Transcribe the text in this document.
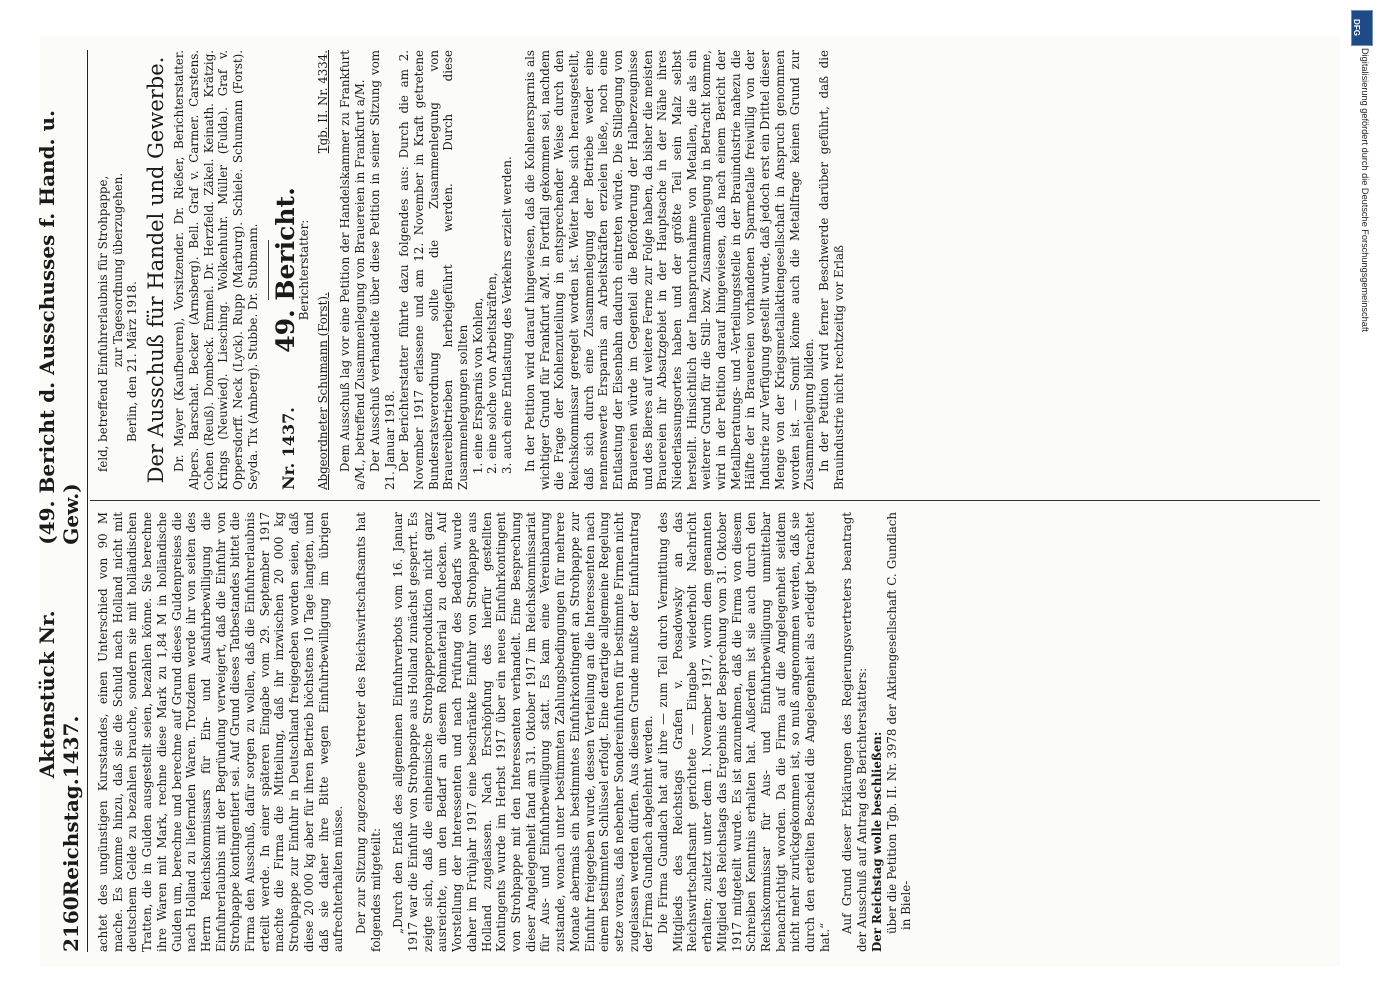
2160
Reichstag.
Aktenstück Nr. 1437.
(49. Bericht d. Ausschusses f. Hand. u. Gew.) achtet des ungünstigen Kursstandes, einen Unterschied von 90 M mache. Es komme hinzu, daß sie die Schuld nach Holland nicht mit deutschem Gelde zu bezahlen brauche, sondern sie mit holländischen Tratten, die in Gulden ausgestellt seien, bezahlen könne. Sie berechne ihre Waren mit Mark, rechne diese Mark zu 1,84 M in holländische Gulden um, berechne und berechne auf Grund dieses Guldenpreises die nach Holland zu liefernden Waren. Trotzdem werde ihr von seiten des Herrn Reichskommissars für Ein- und Ausfuhrbewilligung die Einfuhrerlaubnis mit der Begründung verweigert, daß die Einfuhr von Strohpappe kontingentiert sei. Auf Grund dieses Tatbestandes bittet die Firma den Ausschuß, dafür sorgen zu wollen, daß die Einfuhrerlaubnis erteilt werde. In einer späteren Eingabe vom 29. September 1917 machte die Firma die Mitteilung, daß ihr inzwischen 20 000 kg Strohpappe zur Einfuhr in Deutschland freigegeben worden seien, daß diese 20 000 kg aber für ihren Betrieb höchstens 10 Tage langten, und daß sie daher ihre Bitte wegen Einfuhrbewilligung im übrigen aufrechterhalten müsse. Der zur Sitzung zugezogene Vertreter des Reichswirtschaftsamts hat folgendes mitgeteilt: „Durch den Erlaß des allgemeinen Einfuhrverbots vom 16. Januar 1917 war die Einfuhr von Strohpappe aus Holland zunächst gesperrt. Es zeigte sich, daß die einheimische Strohpappeproduktion nicht ganz ausreichte, um den Bedarf an diesem Rohmaterial zu decken. Auf Vorstellung der Interessenten und nach Prüfung des Bedarfs wurde daher im Frühjahr 1917 eine beschränkte Einfuhr von Strohpappe aus Holland zugelassen. Nach Erschöpfung des hierfür gestellten Kontingents wurde im Herbst 1917 über ein neues Einfuhrkontingent von Strohpappe mit den Interessenten verhandelt. Eine Besprechung dieser Angelegenheit fand am 31. Oktober 1917 im Reichskommissariat für Aus- und Einfuhrbewilligung statt. Es kam eine Vereinbarung zustande, wonach unter bestimmten Zahlungsbedingungen für mehrere Monate abermals ein bestimmtes Einfuhrkontingent an Strohpappe zur Einfuhr freigegeben wurde, dessen Verteilung an die Interessenten nach einem bestimmten Schlüssel erfolgt. Eine derartige allgemeine Regelung setze voraus, daß nebenher Sondereinfuhren für bestimmte Firmen nicht zugelassen werden dürfen. Aus diesem Grunde mußte der Einfuhrantrag der Firma Gundlach abgelehnt werden. Die Firma Gundlach hat auf ihre — zum Teil durch Vermittlung des Mitglieds des Reichstags Grafen v. Posadowsky an das Reichswirtschaftsamt gerichtete — Eingabe wiederholt Nachricht erhalten; zuletzt unter dem 1. November 1917, worin dem genannten Mitglied des Reichstags das Ergebnis der Besprechung vom 31. Oktober 1917 mitgeteilt wurde. Es ist anzunehmen, daß die Firma von diesem Schreiben Kenntnis erhalten hat. Außerdem ist sie auch durch den Reichskommissar für Aus- und Einfuhrbewilligung unmittelbar benachrichtigt worden. Da die Firma auf die Angelegenheit seitdem nicht mehr zurückgekommen ist, so muß angenommen werden, daß sie durch den erteilten Bescheid die Angelegenheit als erledigt betrachtet hat.“

Auf Grund dieser Erklärungen des Regierungsvertreters beantragt der Ausschuß auf Antrag des Berichterstatters: Der Reichstag wolle beschließen: über die Petition Tgb. II. Nr. 3978 der Aktiengesellschaft C. Gundlach in Biele-

feld, betreffend Einfuhrerlaubnis für Strohpappe, zur Tagesordnung überzugehen. Berlin, den 21. März 1918. Der Ausschuß für Handel und Gewerbe. Dr. Mayer (Kaufbeuren), Vorsitzender. Dr. Rießer, Berichterstatter. Alpers. Barschat. Becker (Arnsberg). Bell. Graf v. Carmer. Carstens. Cohen (Reuß). Dombeck. Emmel. Dr. Herzfeld. Zäkel. Keinath. Krätzig. Krings (Neuwied). Liesching. Wolkenhuhr. Müller (Fulda). Graf v. Oppersdorff. Neck (Lyck). Rupp (Marburg). Schiele. Schumann (Forst). Seyda. Tix (Amberg). Stubbe. Dr. Stubmann. Nr. 1437.
49. Bericht.

Berichterstatter:

Abgeordneter Schumann (Forst).
Tgb. II. Nr. 4334. Dem Ausschuß lag vor eine Petition der Handelskammer zu Frankfurt a/M., betreffend Zusammenlegung von Brauereien in Frankfurt a/M. Der Ausschuß verhandelte über diese Petition in seiner Sitzung vom 21. Januar 1918. Der Berichterstatter führte dazu folgendes aus: Durch die am 2. November 1917 erlassene und am 12. November in Kraft getretene Bundesratsverordnung sollte die Zusammenlegung von Brauereibetrieben herbeigeführt werden. Durch diese Zusammenlegungen sollten 1. eine Ersparnis von Kohlen, 2. eine solche von Arbeitskräften, 3. auch eine Entlastung des Verkehrs erzielt werden. In der Petition wird darauf hingewiesen, daß die Kohlenersparnis als wichtiger Grund für Frankfurt a/M. in Fortfall gekommen sei, nachdem die Frage der Kohlenzuteilung in entsprechender Weise durch den Reichskommissar geregelt worden ist. Weiter habe sich herausgestellt, daß sich durch eine Zusammenlegung der Betriebe weder eine nennenswerte Ersparnis an Arbeitskräften erzielen ließe, noch eine Entlastung der Eisenbahn dadurch eintreten würde. Die Stillegung von Brauereien würde im Gegenteil die Beförderung der Halberzeugnisse und des Bieres auf weitere Ferne zur Folge haben, da bisher die meisten Brauereien ihr Absatzgebiet in der Hauptsache in der Nähe ihres Niederlassungsortes haben und der größte Teil sein Malz selbst herstellt. Hinsichtlich der Inanspruchnahme von Metallen, die als ein weiterer Grund für die Still- bzw. Zusammenlegung in Betracht komme, wird in der Petition darauf hingewiesen, daß nach einem Bericht der Metallberatungs- und -Verteilungsstelle in der Brauindustrie nahezu die Hälfte der in Brauereien vorhandenen Sparmetalle freiwillig von der Industrie zur Verfügung gestellt wurde, daß jedoch erst ein Drittel dieser Menge von der Kriegsmetallaktiengesellschaft in Anspruch genommen worden ist. — Somit könne auch die Metallfrage keinen Grund zur Zusammenlegung bilden. In der Petition wird ferner Beschwerde darüber geführt, daß die Brauindustrie nicht rechtzeitig vor Erlaß

DFG
Digitalisierung gefördert durch die Deutsche Forschungsgemeinschaft
